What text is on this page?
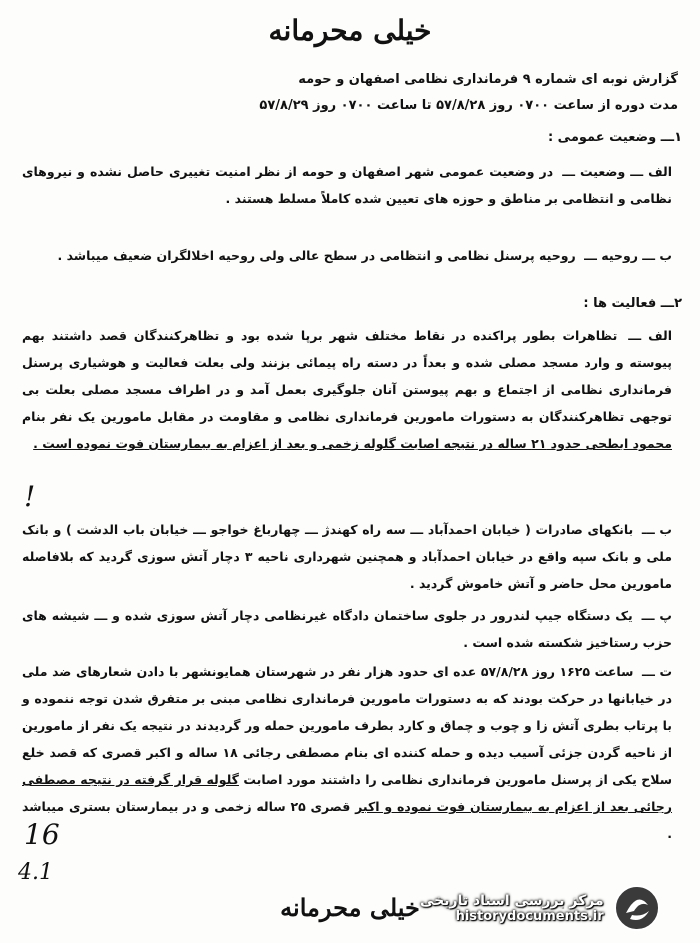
خیلی محرمانه
گزارش نوبه ای شماره ۹ فرمانداری نظامی اصفهان و حومه
مدت دوره از ساعت ۰۷۰۰ روز ۵۷/۸/۲۸ تا ساعت ۰۷۰۰ روز ۵۷/۸/۲۹
۱ـــ وضعیت عمومی :
الف ـــ وضعیت ـــ در وضعیت عمومی شهر اصفهان و حومه از نظر امنیت تغییری حاصل نشده و نیروهای نظامی و انتظامی بر مناطق و حوزه های تعیین شده کاملاً مسلط هستند .
ب ـــ روحیه ـــ روحیه پرسنل نظامی و انتظامی در سطح عالی ولی روحیه اخلالگران ضعیف میباشد .
۲ـــ فعالیت ها :
الف ـــ تظاهرات بطور پراکنده در نقاط مختلف شهر برپا شده بود و تظاهرکنندگان قصد داشتند بهم پیوسته و وارد مسجد مصلی شده و بعداً در دسته راه پیمائی بزنند ولی بعلت فعالیت و هوشیاری پرسنل فرمانداری نظامی از اجتماع و بهم پیوستن آنان جلوگیری بعمل آمد و در اطراف مسجد مصلی بعلت بی توجهی تظاهرکنندگان به دستورات مامورین فرمانداری نظامی و مقاومت در مقابل مامورین یک نفر بنام محمود ابطحی حدود ۲۱ ساله در نتیجه اصابت گلوله زخمی و بعد از اعزام به بیمارستان فوت نموده است .
ب ـــ بانکهای صادرات ( خیابان احمدآباد ـــ سه راه کهندژ ـــ چهارباغ خواجو ـــ خیابان باب الدشت ) و بانک ملی و بانک سپه واقع در خیابان احمدآباد و همچنین شهرداری ناحیه ۳ دچار آتش سوزی گردید که بلافاصله مامورین محل حاضر و آتش خاموش گردید .
پ ـــ یک دستگاه جیپ لندرور در جلوی ساختمان دادگاه غیرنظامی دچار آتش سوزی شده و ـــ شیشه های حزب رستاخیز شکسته شده است .
ت ـــ ساعت ۱۶۲۵ روز ۵۷/۸/۲۸ عده ای حدود هزار نفر در شهرستان همایونشهر با دادن شعارهای ضد ملی در خیابانها در حرکت بودند که به دستورات مامورین فرمانداری نظامی مبنی بر متفرق شدن توجه ننموده و با پرتاب بطری آتش زا و چوب و چماق و کارد بطرف مامورین حمله ور گردیدند در نتیجه یک نفر از مامورین از ناحیه گردن جزئی آسیب دیده و حمله کننده ای بنام مصطفی رجائی ۱۸ ساله و اکبر قصری که قصد خلع سلاح یکی از پرسنل مامورین فرمانداری نظامی را داشتند مورد اصابت گلوله قرار گرفته در نتیجه مصطفی رجائی بعد از اعزام به بیمارستان فوت نموده و اکبر قصری ۲۵ ساله زخمی و در بیمارستان بستری میباشد .
!
16
4.1
خیلی محرمانه مرکز بررسی اسناد تاریخی
historydocuments.ir
